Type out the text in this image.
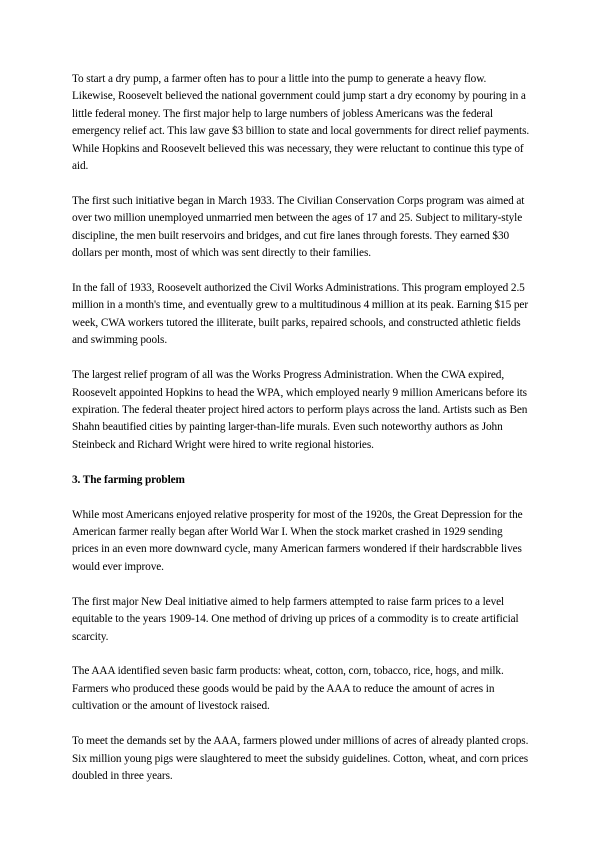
To start a dry pump, a farmer often has to pour a little into the pump to generate a heavy flow. Likewise, Roosevelt believed the national government could jump start a dry economy by pouring in a little federal money. The first major help to large numbers of jobless Americans was the federal emergency relief act. This law gave $3 billion to state and local governments for direct relief payments. While Hopkins and Roosevelt believed this was necessary, they were reluctant to continue this type of aid.

The first such initiative began in March 1933. The Civilian Conservation Corps program was aimed at over two million unemployed unmarried men between the ages of 17 and 25. Subject to military-style discipline, the men built reservoirs and bridges, and cut fire lanes through forests. They earned $30 dollars per month, most of which was sent directly to their families.

In the fall of 1933, Roosevelt authorized the Civil Works Administrations. This program employed 2.5 million in a month's time, and eventually grew to a multitudinous 4 million at its peak. Earning $15 per week, CWA workers tutored the illiterate, built parks, repaired schools, and constructed athletic fields and swimming pools.

The largest relief program of all was the Works Progress Administration. When the CWA expired, Roosevelt appointed Hopkins to head the WPA, which employed nearly 9 million Americans before its expiration. The federal theater project hired actors to perform plays across the land. Artists such as Ben Shahn beautified cities by painting larger-than-life murals. Even such noteworthy authors as John Steinbeck and Richard Wright were hired to write regional histories.

3. The farming problem

While most Americans enjoyed relative prosperity for most of the 1920s, the Great Depression for the American farmer really began after World War I. When the stock market crashed in 1929 sending prices in an even more downward cycle, many American farmers wondered if their hardscrabble lives would ever improve.

The first major New Deal initiative aimed to help farmers attempted to raise farm prices to a level equitable to the years 1909-14. One method of driving up prices of a commodity is to create artificial scarcity.

The AAA identified seven basic farm products: wheat, cotton, corn, tobacco, rice, hogs, and milk. Farmers who produced these goods would be paid by the AAA to reduce the amount of acres in cultivation or the amount of livestock raised.

To meet the demands set by the AAA, farmers plowed under millions of acres of already planted crops. Six million young pigs were slaughtered to meet the subsidy guidelines. Cotton, wheat, and corn prices doubled in three years.
